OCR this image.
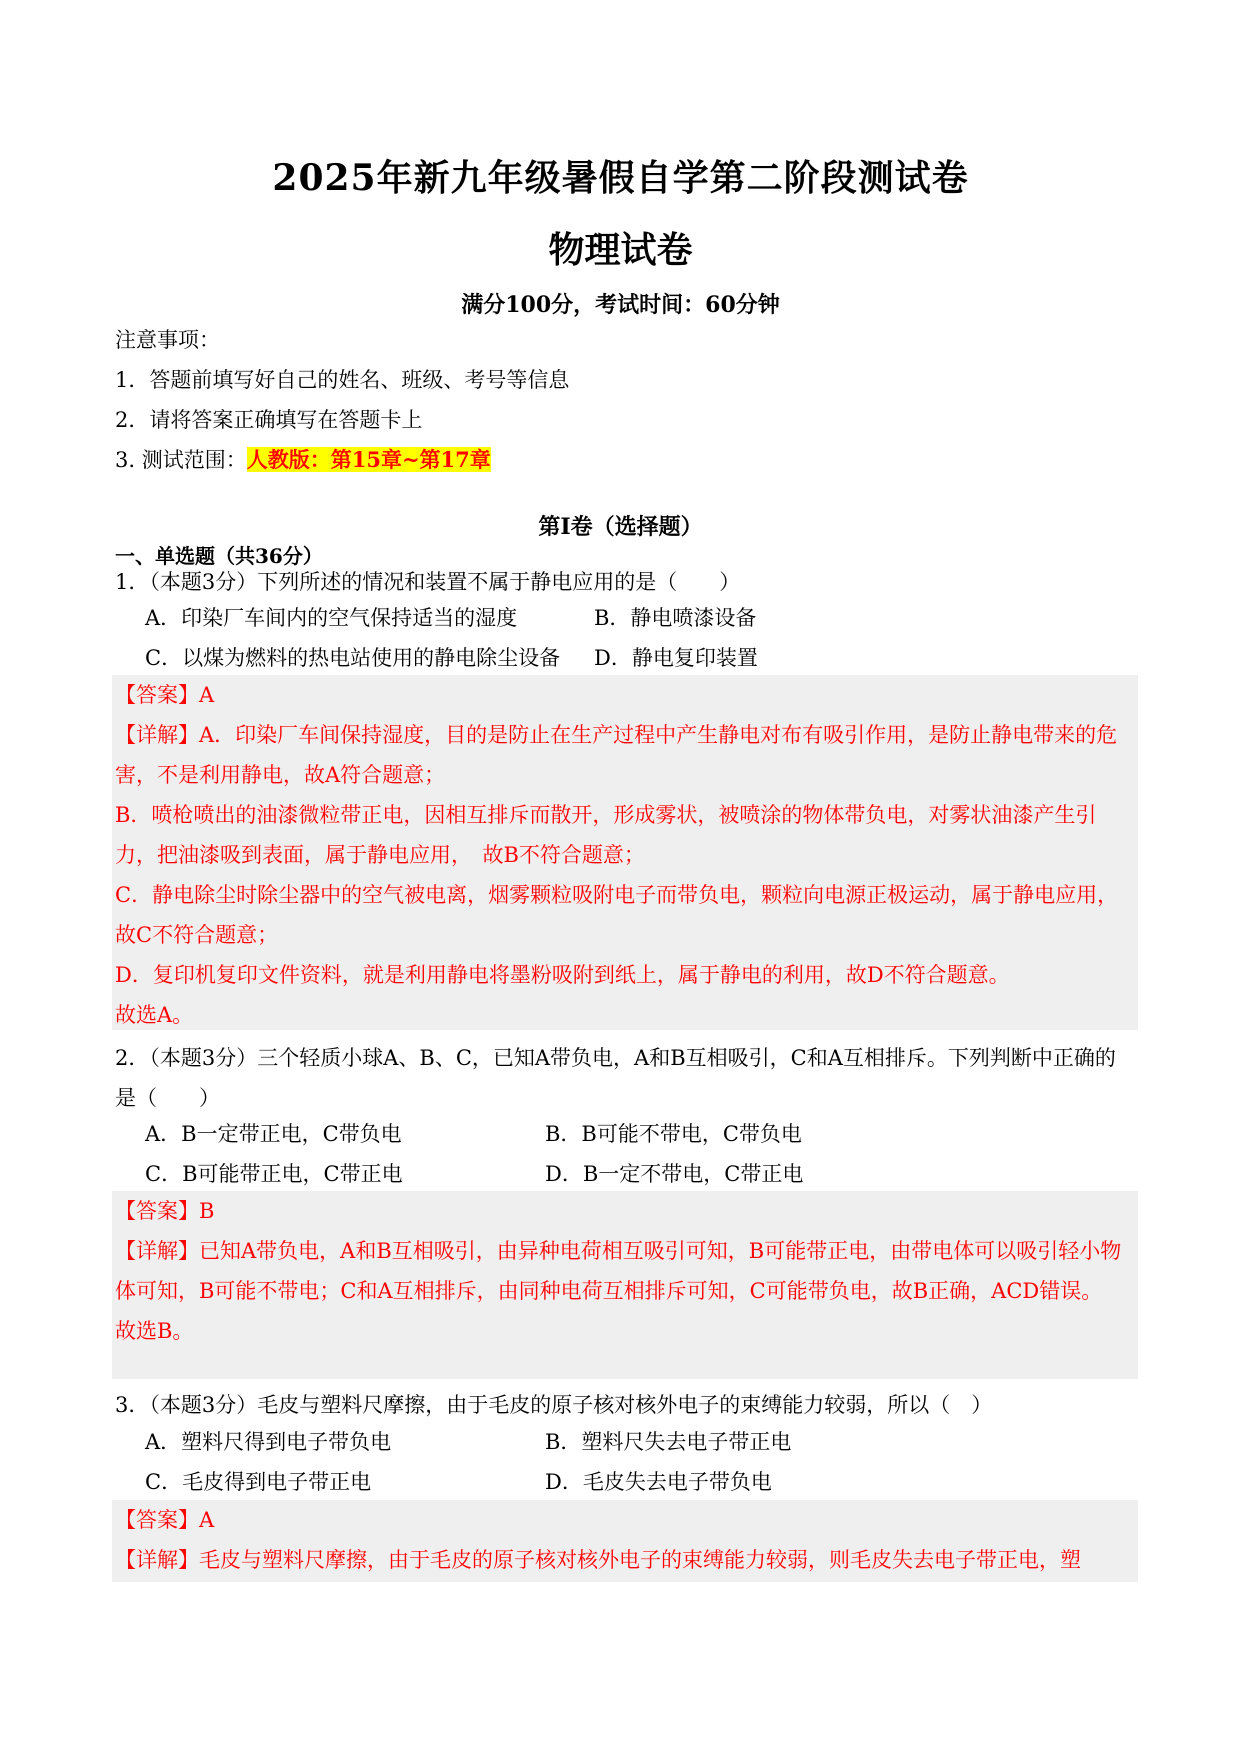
2025年新九年级暑假自学第二阶段测试卷
物理试卷
满分100分，考试时间：60分钟
注意事项：
1．答题前填写好自己的姓名、班级、考号等信息
2．请将答案正确填写在答题卡上
3. 测试范围：人教版：第15章~第17章
第I卷（选择题）
一、单选题（共36分）
1．（本题3分）下列所述的情况和装置不属于静电应用的是（　　）
A．印染厂车间内的空气保持适当的湿度	B．静电喷漆设备
C．以煤为燃料的热电站使用的静电除尘设备 D．静电复印装置

【答案】A

【详解】A．印染厂车间保持湿度，目的是防止在生产过程中产生静电对布有吸引作用，是防止静电带来的危害，不是利用静电，故A符合题意；

B．喷枪喷出的油漆微粒带正电，因相互排斥而散开，形成雾状，被喷涂的物体带负电，对雾状油漆产生引力，把油漆吸到表面，属于静电应用，　故B不符合题意；

C．静电除尘时除尘器中的空气被电离，烟雾颗粒吸附电子而带负电，颗粒向电源正极运动，属于静电应用，故C不符合题意；

D．复印机复印文件资料，就是利用静电将墨粉吸附到纸上，属于静电的利用，故D不符合题意。

故选A。

2．（本题3分）三个轻质小球A、B、C，已知A带负电，A和B互相吸引，C和A互相排斥。下列判断中正确的是（　　）
A．B一定带正电，C带负电	B．B可能不带电，C带负电
C．B可能带正电，C带正电	D．B一定不带电，C带正电

【答案】B

【详解】已知A带负电，A和B互相吸引，由异种电荷相互吸引可知，B可能带正电，由带电体可以吸引轻小物体可知，B可能不带电；C和A互相排斥，由同种电荷互相排斥可知，C可能带负电，故B正确，ACD错误。

故选B。

3．（本题3分）毛皮与塑料尺摩擦，由于毛皮的原子核对核外电子的束缚能力较弱，所以（　）
A．塑料尺得到电子带负电	B．塑料尺失去电子带正电
C．毛皮得到电子带正电	D．毛皮失去电子带负电

【答案】A

【详解】毛皮与塑料尺摩擦，由于毛皮的原子核对核外电子的束缚能力较弱，则毛皮失去电子带正电，塑
